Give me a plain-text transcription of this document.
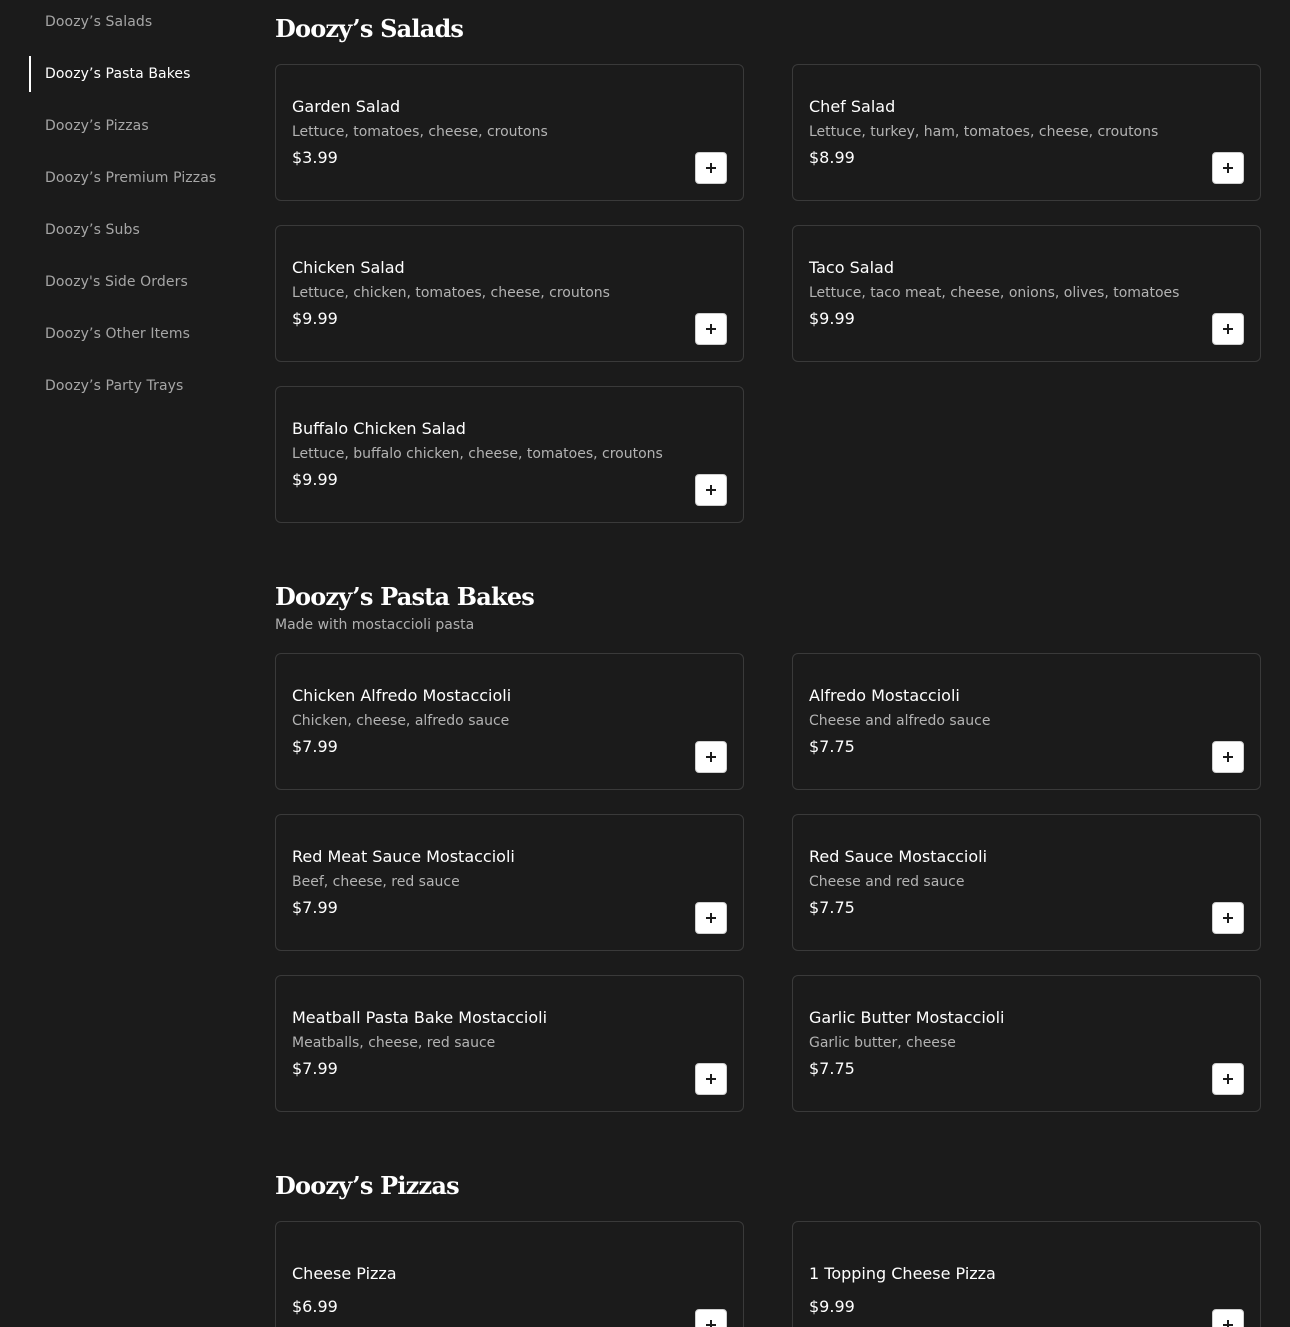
Doozy’s Salads
Doozy’s Pasta Bakes
Doozy’s Pizzas
Doozy’s Premium Pizzas
Doozy’s Subs
Doozy's Side Orders
Doozy’s Other Items
Doozy’s Party Trays
Doozy’s Salads
Garden Salad
Lettuce, tomatoes, cheese, croutons
$3.99
Chef Salad
Lettuce, turkey, ham, tomatoes, cheese, croutons
$8.99
Chicken Salad
Lettuce, chicken, tomatoes, cheese, croutons
$9.99
Taco Salad
Lettuce, taco meat, cheese, onions, olives, tomatoes
$9.99
Buffalo Chicken Salad
Lettuce, buffalo chicken, cheese, tomatoes, croutons
$9.99
Doozy’s Pasta Bakes
Made with mostaccioli pasta
Chicken Alfredo Mostaccioli
Chicken, cheese, alfredo sauce
$7.99
Alfredo Mostaccioli
Cheese and alfredo sauce
$7.75
Red Meat Sauce Mostaccioli
Beef, cheese, red sauce
$7.99
Red Sauce Mostaccioli
Cheese and red sauce
$7.75
Meatball Pasta Bake Mostaccioli
Meatballs, cheese, red sauce
$7.99
Garlic Butter Mostaccioli
Garlic butter, cheese
$7.75
Doozy’s Pizzas
Cheese Pizza
$6.99
1 Topping Cheese Pizza
$9.99
